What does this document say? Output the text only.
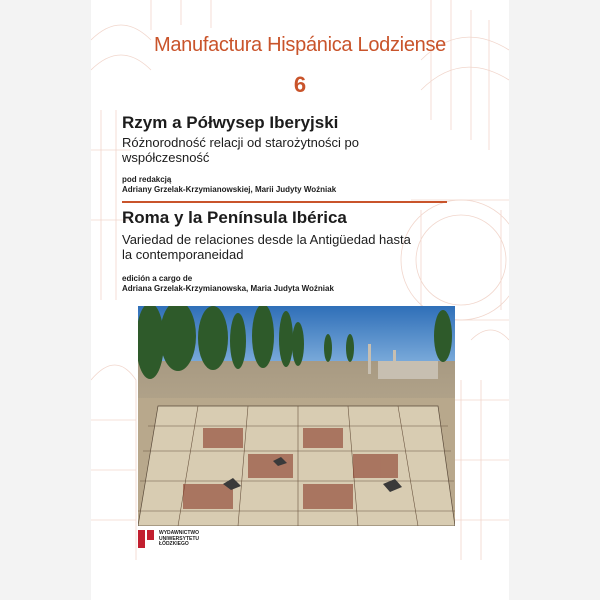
Manufactura Hispánica Lodziense
6
Rzym a Półwysep Iberyjski
Różnorodność relacji od starożytności po współczesność
pod redakcją
Adriany Grzelak-Krzymianowskiej, Marii Judyty Woźniak
Roma y la Península Ibérica
Variedad de relaciones desde la Antigüedad hasta la contemporaneidad
edición a cargo de
Adriana Grzelak-Krzymianowska, Maria Judyta Woźniak
WYDAWNICTWO
UNIWERSYTETU
ŁÓDZKIEGO
